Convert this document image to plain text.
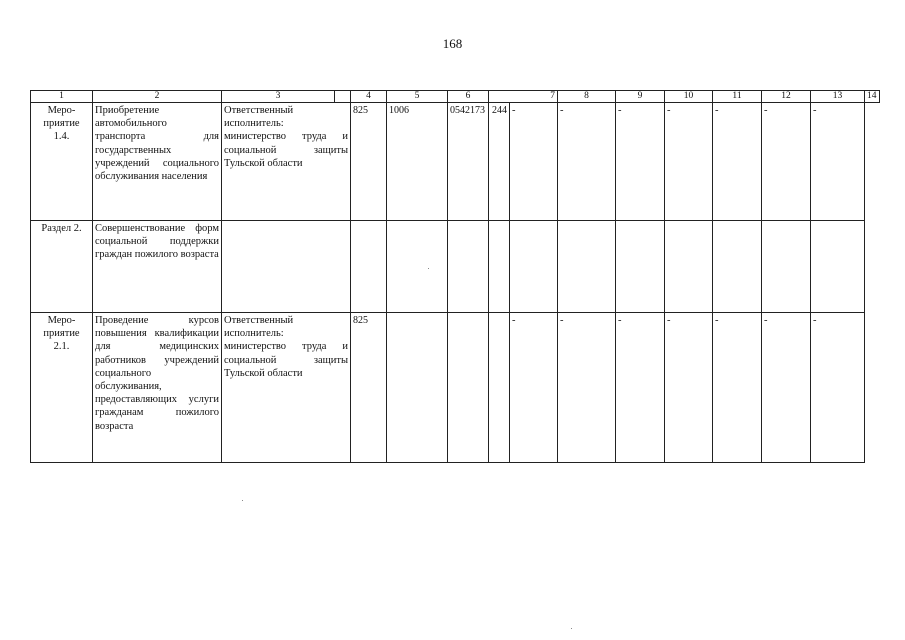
168
1	2	3		4	5	6	7		8	9	10	11	12	13	14
Меро-
приятие
1.4.	Приобретение автомобильного транспорта для государственных учреждений социального обслуживания населения	Ответственный исполнитель: министерство труда и социальной защиты Тульской области		825	1006	0542173	244	-	-	-	-	-	-	-	
Раздел 2.	Совершенствование форм социальной поддержки граждан пожилого возраста														
Меро-
приятие
2.1.	Проведение курсов повышения квалификации для медицинских работников учреждений социального обслуживания, предоставляющих услуги гражданам пожилого возраста	Ответственный исполнитель: министерство труда и социальной защиты Тульской области		825				-	-	-	-	-	-	-	
